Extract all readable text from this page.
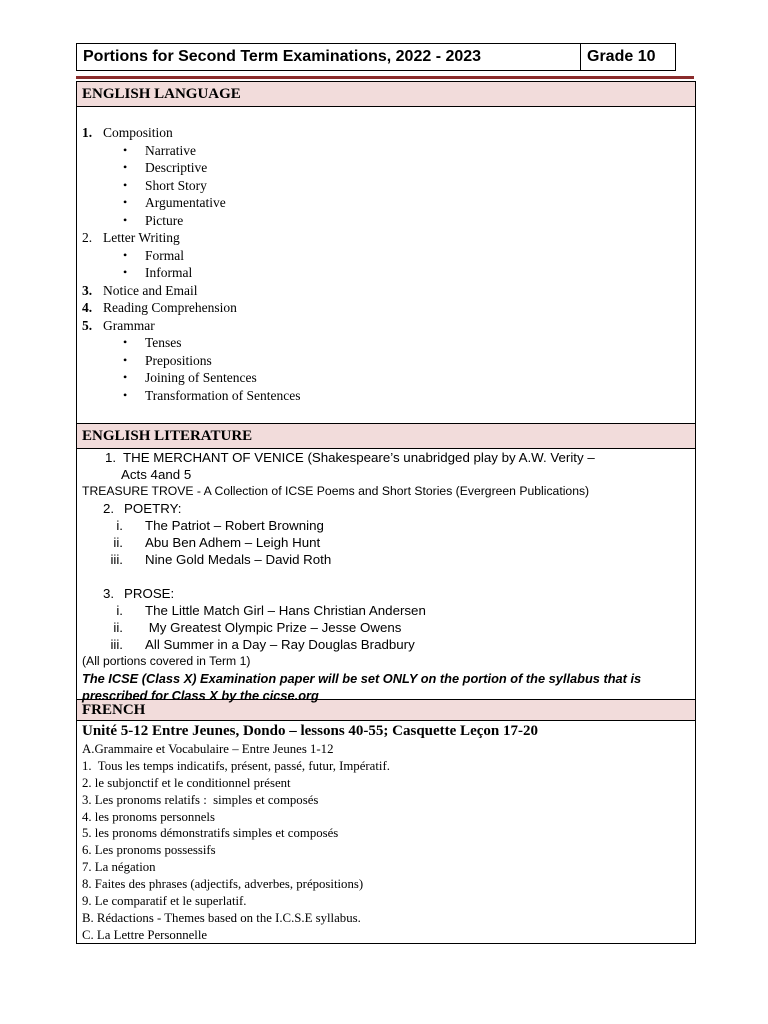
Portions for Second Term Examinations, 2022 - 2023	Grade 10
ENGLISH LANGUAGE
1. Composition
• Narrative
• Descriptive
• Short Story
• Argumentative
• Picture
2. Letter Writing
• Formal
• Informal
3. Notice and Email
4. Reading Comprehension
5. Grammar
• Tenses
• Prepositions
• Joining of Sentences
• Transformation of Sentences
ENGLISH LITERATURE
1. THE MERCHANT OF VENICE (Shakespeare’s unabridged play by A.W. Verity –
Acts 4and 5
TREASURE TROVE - A Collection of ICSE Poems and Short Stories (Evergreen Publications)
2. POETRY:
i. The Patriot – Robert Browning
ii. Abu Ben Adhem – Leigh Hunt
iii. Nine Gold Medals – David Roth
3. PROSE:
i. The Little Match Girl – Hans Christian Andersen
ii. My Greatest Olympic Prize – Jesse Owens
iii. All Summer in a Day – Ray Douglas Bradbury
(All portions covered in Term 1)
The ICSE (Class X) Examination paper will be set ONLY on the portion of the syllabus that is
prescribed for Class X by the cicse.org
FRENCH
Unité 5-12 Entre Jeunes, Dondo – lessons 40-55; Casquette Leçon 17-20
A.Grammaire et Vocabulaire – Entre Jeunes 1-12
1.  Tous les temps indicatifs, présent, passé, futur, Impératif.
2. le subjonctif et le conditionnel présent
3. Les pronoms relatifs :  simples et composés
4. les pronoms personnels
5. les pronoms démonstratifs simples et composés
6. Les pronoms possessifs
7. La négation
8. Faites des phrases (adjectifs, adverbes, prépositions)
9. Le comparatif et le superlatif.
B. Rédactions - Themes based on the I.C.S.E syllabus.
C. La Lettre Personnelle
